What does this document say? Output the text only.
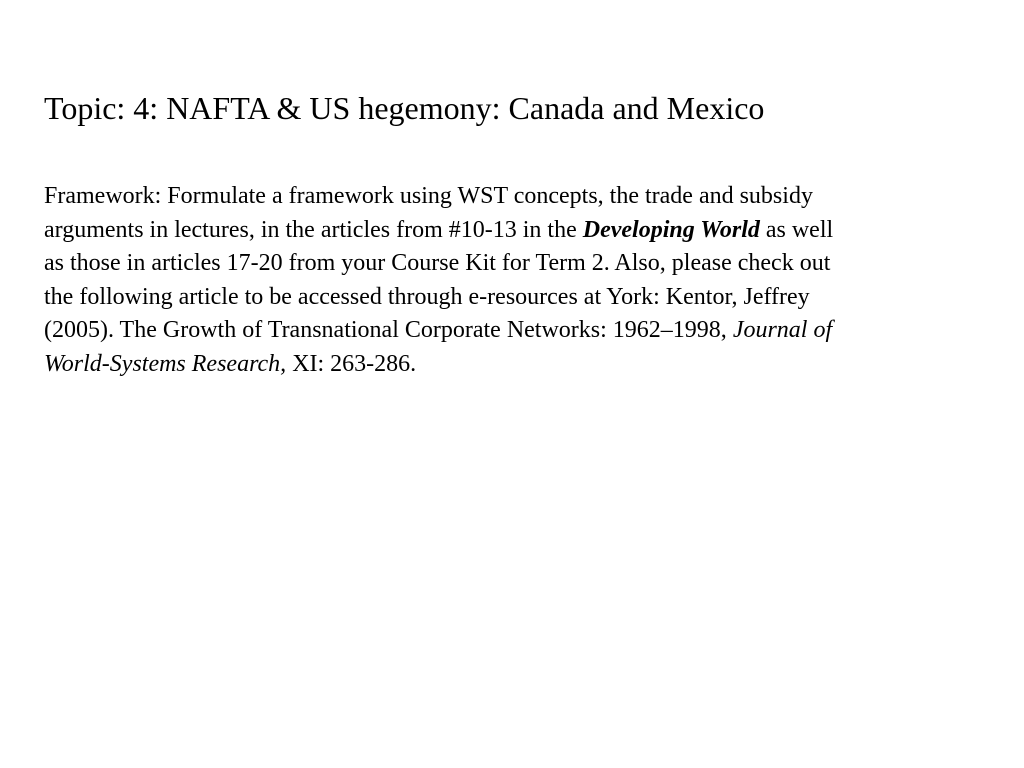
Topic: 4: NAFTA & US hegemony: Canada and Mexico
Framework: Formulate a framework using WST concepts, the trade and subsidy
arguments in lectures, in the articles from #10-13 in the Developing World as well
as those in articles 17-20 from your Course Kit for Term 2. Also, please check out
the following article to be accessed through e-resources at York: Kentor, Jeffrey
(2005). The Growth of Transnational Corporate Networks: 1962–1998, Journal of
World-Systems Research, XI: 263-286.
